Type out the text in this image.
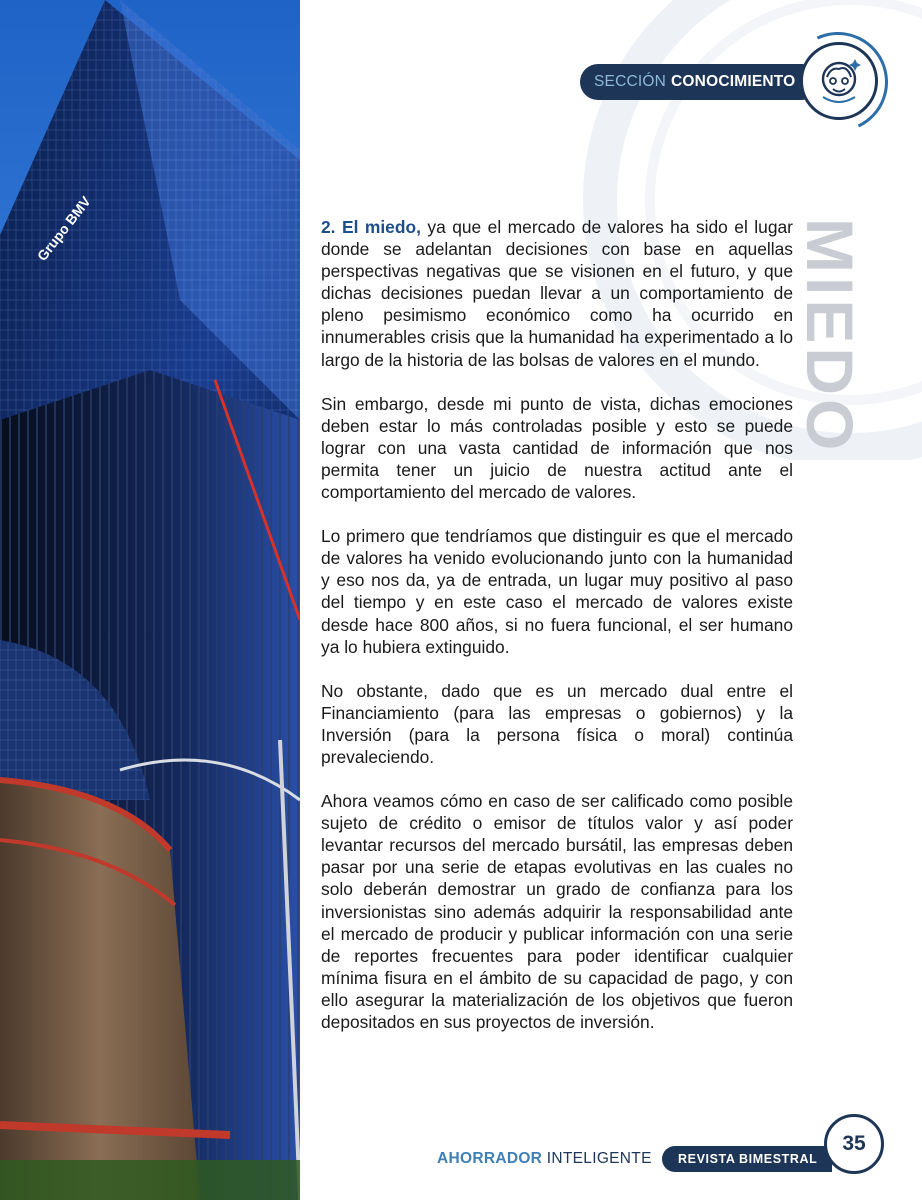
Grupo BMV
SECCIÓN CONOCIMIENTO
MIEDO

2. El miedo, ya que el mercado de valores ha sido el lugar donde se adelantan decisiones con base en aquellas perspectivas negativas que se visionen en el futuro, y que dichas decisiones puedan llevar a un comportamiento de pleno pesimismo económico como ha ocurrido en innumerables crisis que la humanidad ha experimentado a lo largo de la historia de las bolsas de valores en el mundo.

Sin embargo, desde mi punto de vista, dichas emociones deben estar lo más controladas posible y esto se puede lograr con una vasta cantidad de información que nos permita tener un juicio de nuestra actitud ante el comportamiento del mercado de valores.

Lo primero que tendríamos que distinguir es que el mercado de valores ha venido evolucionando junto con la humanidad y eso nos da, ya de entrada, un lugar muy positivo al paso del tiempo y en este caso el mercado de valores existe desde hace 800 años, si no fuera funcional, el ser humano ya lo hubiera extinguido.

No obstante, dado que es un mercado dual entre el Financiamiento (para las empresas o gobiernos) y la Inversión (para la persona física o moral) continúa prevaleciendo.

Ahora veamos cómo en caso de ser calificado como posible sujeto de crédito o emisor de títulos valor y así poder levantar recursos del mercado bursátil, las empresas deben pasar por una serie de etapas evolutivas en las cuales no solo deberán demostrar un grado de confianza para los inversionistas sino además adquirir la responsabilidad ante el mercado de producir y publicar información con una serie de reportes frecuentes para poder identificar cualquier mínima fisura en el ámbito de su capacidad de pago, y con ello asegurar la materialización de los objetivos que fueron depositados en sus proyectos de inversión.

AHORRADOR INTELIGENTE	REVISTA BIMESTRAL
35
